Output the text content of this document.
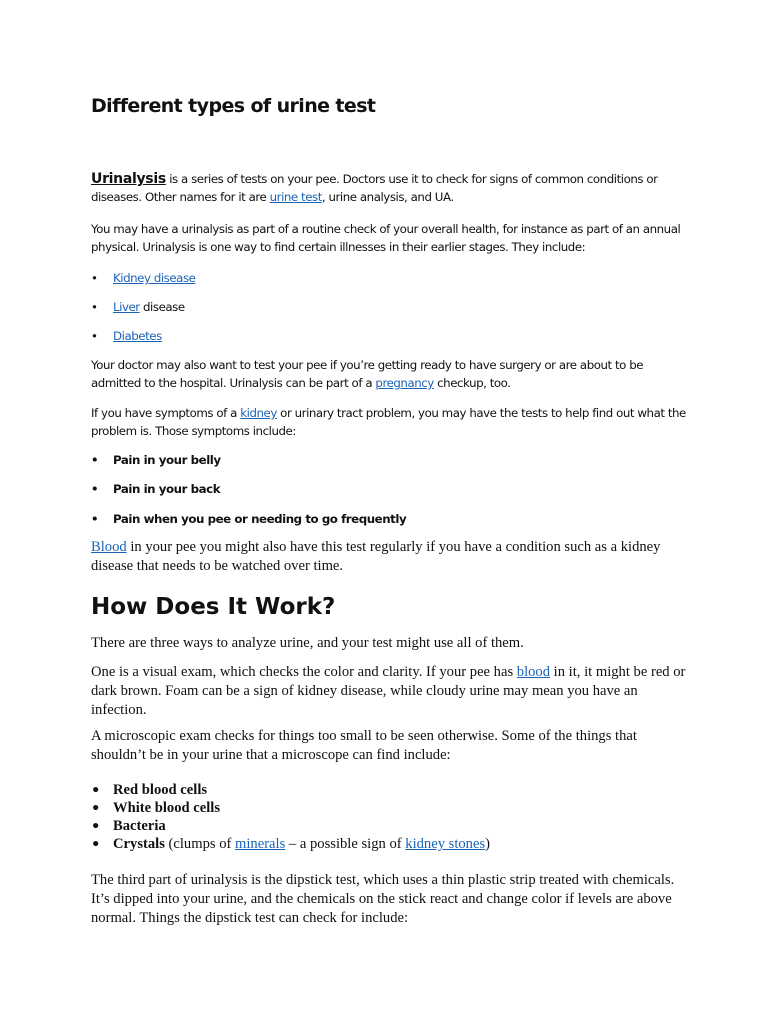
Different types of urine test

Urinalysis is a series of tests on your pee. Doctors use it to check for signs of common conditions or diseases. Other names for it are urine test, urine analysis, and UA.

You may have a urinalysis as part of a routine check of your overall health, for instance as part of an annual physical. Urinalysis is one way to find certain illnesses in their earlier stages. They include:

• Kidney disease
• Liver disease
• Diabetes

Your doctor may also want to test your pee if you’re getting ready to have surgery or are about to be admitted to the hospital. Urinalysis can be part of a pregnancy checkup, too.

If you have symptoms of a kidney or urinary tract problem, you may have the tests to help find out what the problem is. Those symptoms include:

• Pain in your belly
• Pain in your back
• Pain when you pee or needing to go frequently

Blood in your pee you might also have this test regularly if you have a condition such as a kidney disease that needs to be watched over time.

How Does It Work?

There are three ways to analyze urine, and your test might use all of them.

One is a visual exam, which checks the color and clarity. If your pee has blood in it, it might be red or dark brown. Foam can be a sign of kidney disease, while cloudy urine may mean you have an infection.

A microscopic exam checks for things too small to be seen otherwise. Some of the things that shouldn’t be in your urine that a microscope can find include:

• Red blood cells
• White blood cells
• Bacteria
• Crystals (clumps of minerals – a possible sign of kidney stones)

The third part of urinalysis is the dipstick test, which uses a thin plastic strip treated with chemicals. It’s dipped into your urine, and the chemicals on the stick react and change color if levels are above normal. Things the dipstick test can check for include:
